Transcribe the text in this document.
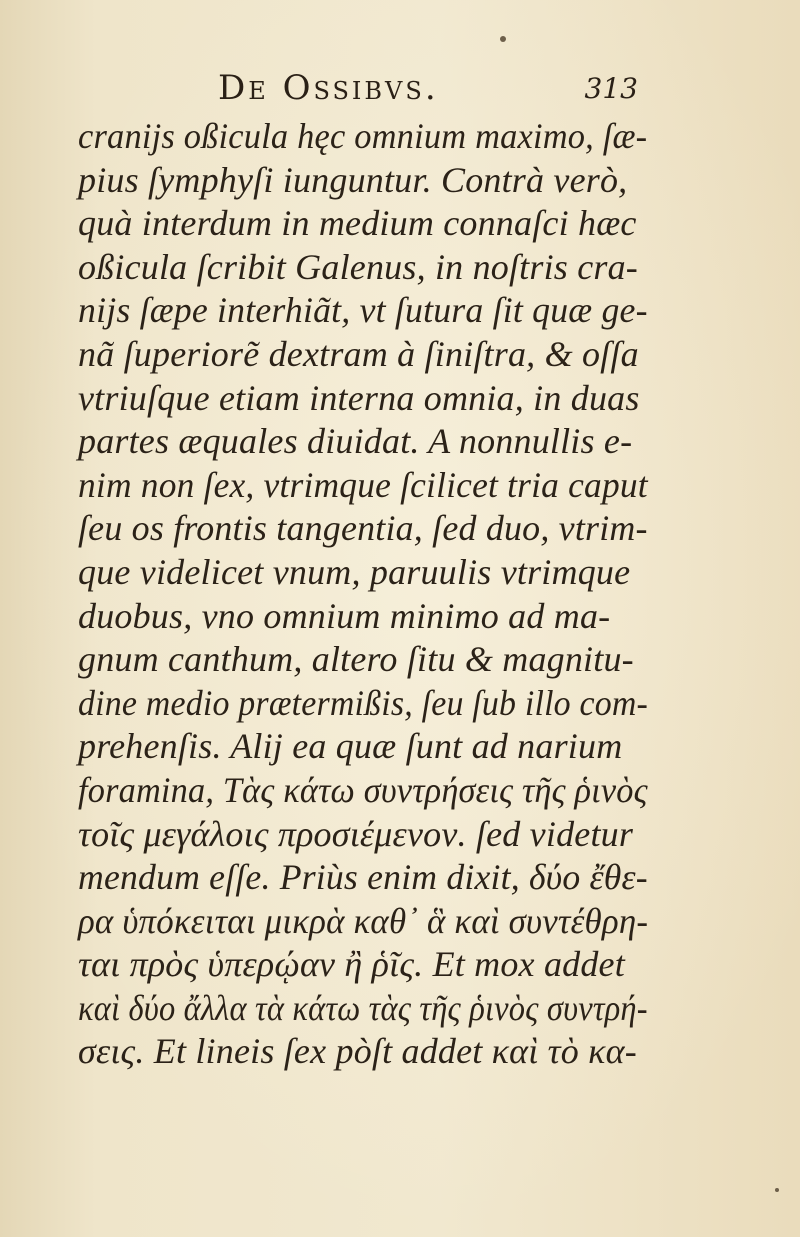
De Ossibvs.	313
cranijs oßicula hęc omnium maximo, ſæ-
pius ſymphyſi iunguntur. Contrà verò,
quà interdum in medium connaſci hæc
oßicula ſcribit Galenus, in noſtris cra-
nijs ſæpe interhiãt, vt ſutura ſit quæ ge-
nã ſuperiorẽ dextram à ſiniſtra, & oſſa
vtriuſque etiam interna omnia, in duas
partes æquales diuidat. A nonnullis e-
nim non ſex, vtrimque ſcilicet tria caput
ſeu os frontis tangentia, ſed duo, vtrim-
que videlicet vnum, paruulis vtrimque
duobus, vno omnium minimo ad ma-
gnum canthum, altero ſitu & magnitu-
dine medio prætermißis, ſeu ſub illo com-
prehenſis. Alij ea quæ ſunt ad narium
foramina, Τὰς κάτω συντρήσεις τῆς ῥινὸς
τοῖς μεγάλοις προσιέμενον. ſed videtur
mendum eſſe. Priùs enim dixit, δύο ἔθε-
ρα ὑπόκειται μικρὰ καθ᾽ ἃ καὶ συντέθρη-
ται πρὸς ὑπερῴαν ἢ ῥῖς. Et mox addet
καὶ δύο ἄλλα τὰ κάτω τὰς τῆς ῥινὸς συντρή-
σεις. Et lineis ſex pòſt addet καὶ τὸ κα-
